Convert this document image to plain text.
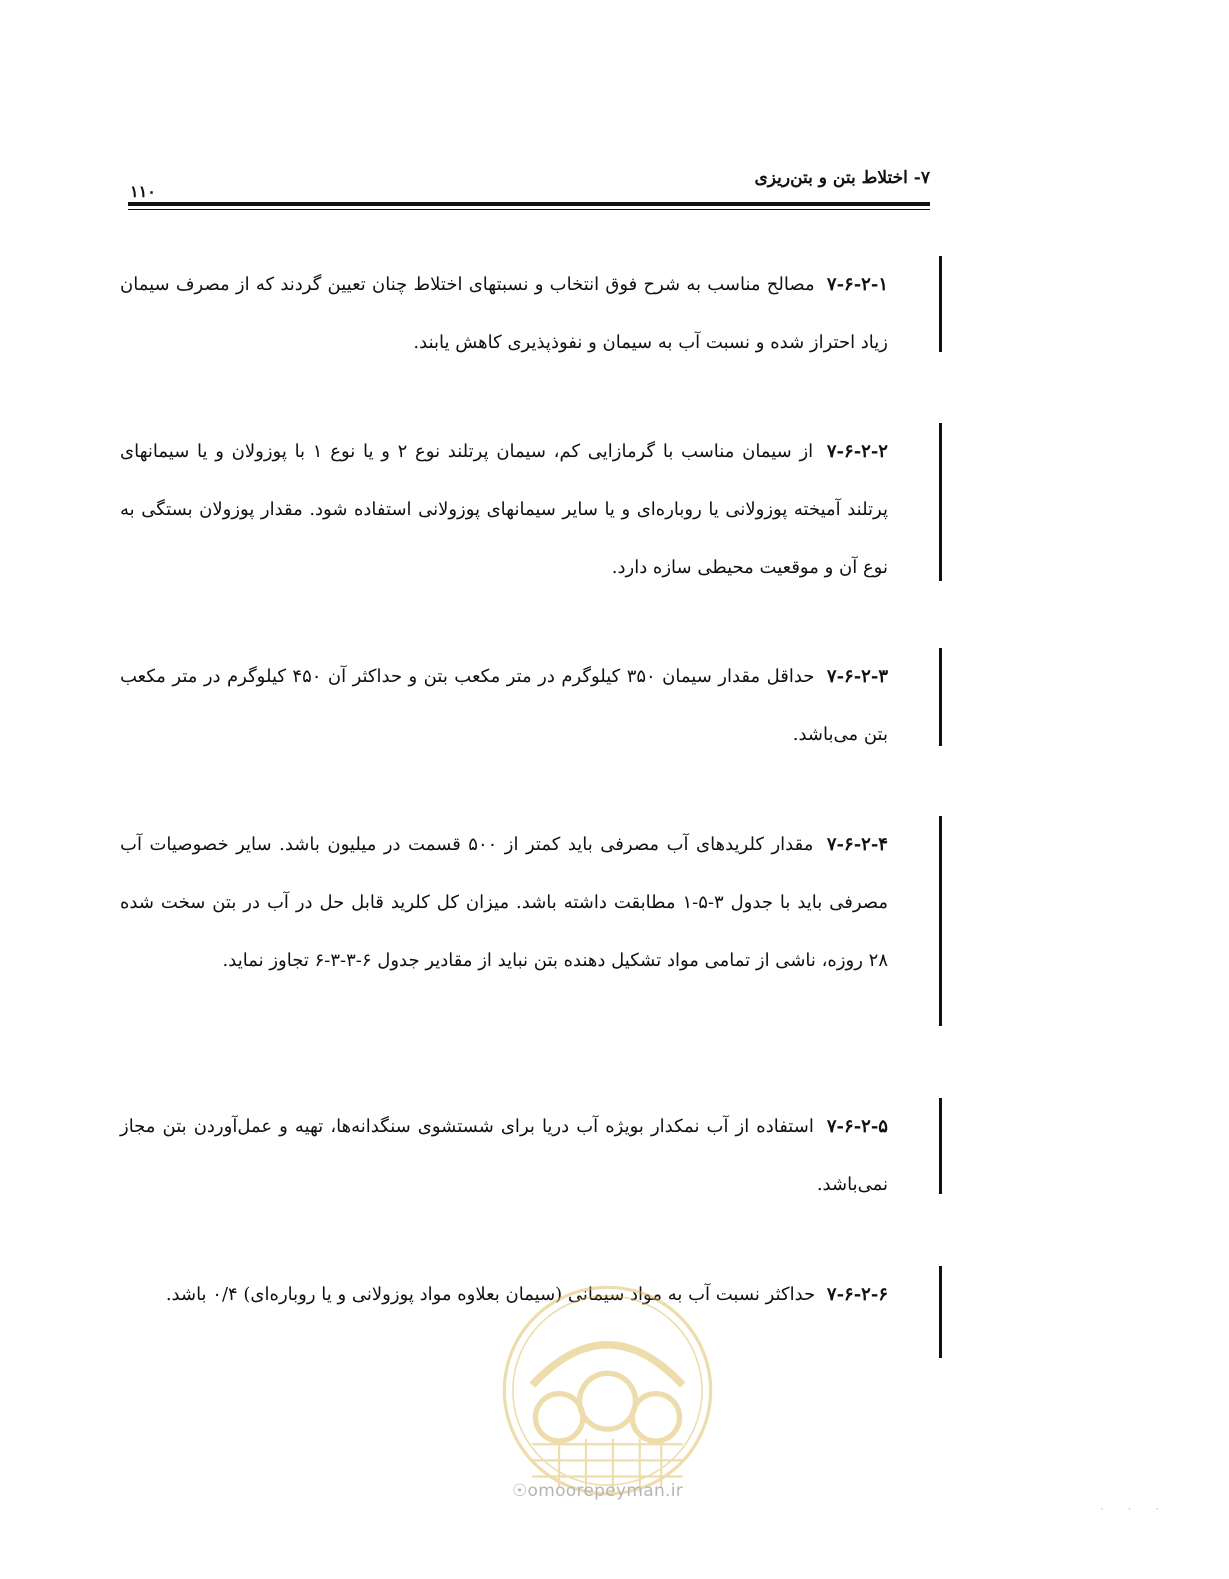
۷- اختلاط بتن و بتن‌ریزی
۱۱۰
۷-۶-۲-۱ مصالح مناسب به شرح فوق انتخاب و نسبتهای اختلاط چنان تعیین گردند که از مصرف سیمان زیاد احتراز شده و نسبت آب به سیمان و نفوذپذیری کاهش یابند.
۷-۶-۲-۲ از سیمان مناسب با گرمازایی کم، سیمان پرتلند نوع ۲ و یا نوع ۱ با پوزولان و یا سیمانهای پرتلند آمیخته پوزولانی یا روباره‌ای و یا سایر سیمانهای پوزولانی استفاده شود. مقدار پوزولان بستگی به نوع آن و موقعیت محیطی سازه دارد.
۷-۶-۲-۳ حداقل مقدار سیمان ۳۵۰ کیلوگرم در متر مکعب بتن و حداکثر آن ۴۵۰ کیلوگرم در متر مکعب بتن می‌باشد.
۷-۶-۲-۴ مقدار کلریدهای آب مصرفی باید کمتر از ۵۰۰ قسمت در میلیون باشد. سایر خصوصیات آب مصرفی باید با جدول ۳-۵-۱ مطابقت داشته باشد. میزان کل کلرید قابل حل در آب در بتن سخت شده ۲۸ روزه، ناشی از تمامی مواد تشکیل دهنده بتن نباید از مقادیر جدول ۶-۳-۳-۶ تجاوز نماید.
۷-۶-۲-۵ استفاده از آب نمکدار بویژه آب دریا برای شستشوی سنگدانه‌ها، تهیه و عمل‌آوردن بتن مجاز نمی‌باشد.
۷-۶-۲-۶ حداکثر نسبت آب به مواد سیمانی (سیمان بعلاوه مواد پوزولانی و یا روباره‌ای) ۰/۴ باشد.
☉omoorepeyman.ir
· · ·
